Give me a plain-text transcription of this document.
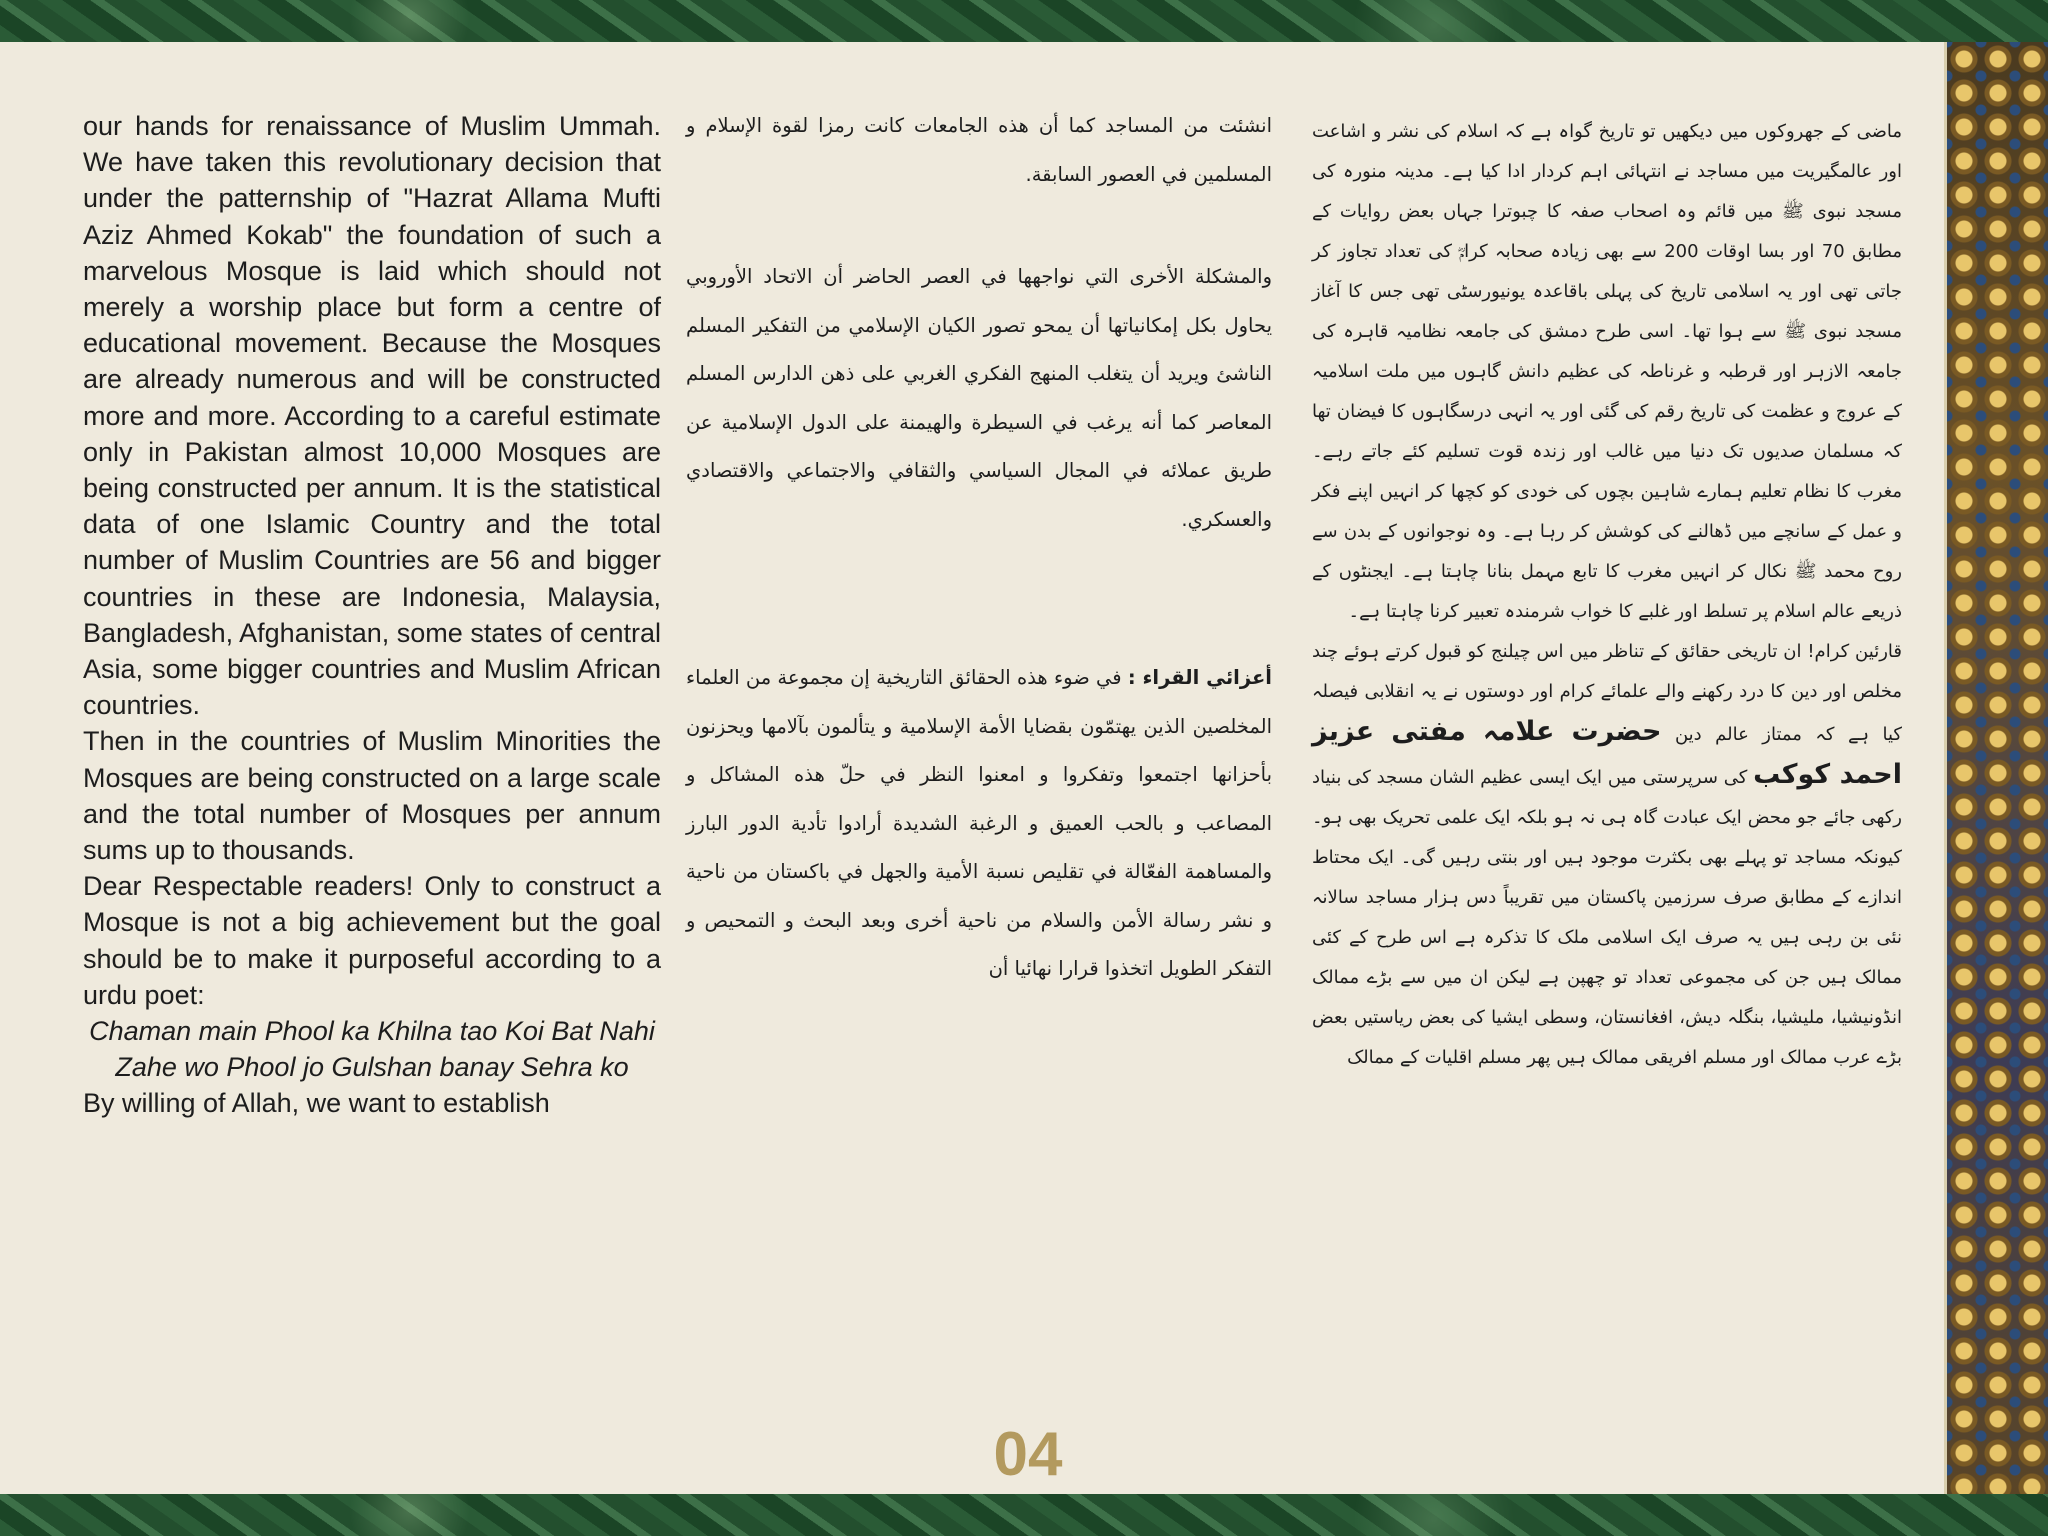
our hands for renaissance of Muslim Ummah. We have taken this revolutionary decision that under the patternship of "Hazrat Allama Mufti Aziz Ahmed Kokab" the foundation of such a marvelous Mosque is laid which should not merely a worship place but form a centre of educational movement. Because the Mosques are already numerous and will be constructed more and more. According to a careful estimate only in Pakistan almost 10,000 Mosques are being constructed per annum. It is the statistical data of one Islamic Country and the total number of Muslim Countries are 56 and bigger countries in these are Indonesia, Malaysia, Bangladesh, Afghanistan, some states of central Asia, some bigger countries and Muslim African countries.

Then in the countries of Muslim Minorities the Mosques are being constructed on a large scale and the total number of Mosques per annum sums up to thousands.

Dear Respectable readers! Only to construct a Mosque is not a big achievement but the goal should be to make it purposeful according to a urdu poet:

Chaman main Phool ka Khilna tao Koi Bat Nahi

Zahe wo Phool jo Gulshan banay Sehra ko

By willing of Allah, we want to establish

انشئت من المساجد كما أن هذه الجامعات كانت رمزا لقوة الإسلام و المسلمين في العصور السابقة.

والمشكلة الأخرى التي نواجهها في العصر الحاضر أن الاتحاد الأوروبي يحاول بكل إمكانياتها أن يمحو تصور الكيان الإسلامي من التفكير المسلم الناشئ ويريد أن يتغلب المنهج الفكري الغربي على ذهن الدارس المسلم المعاصر كما أنه يرغب في السيطرة والهيمنة على الدول الإسلامية عن طريق عملائه في المجال السياسي والثقافي والاجتماعي والاقتصادي والعسكري.

أعزائي القراء : في ضوء هذه الحقائق التاريخية إن مجموعة من العلماء المخلصين الذين يهتمّون بقضايا الأمة الإسلامية و يتألمون بآلامها ويحزنون بأحزانها اجتمعوا وتفكروا و امعنوا النظر في حلّ هذه المشاكل و المصاعب و بالحب العميق و الرغبة الشديدة أرادوا تأدية الدور البارز والمساهمة الفعّالة في تقليص نسبة الأمية والجهل في باكستان من ناحية و نشر رسالة الأمن والسلام من ناحية أخرى وبعد البحث و التمحيص و التفكر الطويل اتخذوا قرارا نهائيا أن

ماضی کے جھروکوں میں دیکھیں تو تاریخ گواہ ہے کہ اسلام کی نشر و اشاعت اور عالمگیریت میں مساجد نے انتہائی اہم کردار ادا کیا ہے۔ مدینہ منورہ کی مسجد نبوی ﷺ میں قائم وہ اصحاب صفہ کا چبوترا جہاں بعض روایات کے مطابق 70 اور بسا اوقات 200 سے بھی زیادہ صحابہ کرامؓ کی تعداد تجاوز کر جاتی تھی اور یہ اسلامی تاریخ کی پہلی باقاعدہ یونیورسٹی تھی جس کا آغاز مسجد نبوی ﷺ سے ہوا تھا۔ اسی طرح دمشق کی جامعہ نظامیہ قاہرہ کی جامعہ الازہر اور قرطبہ و غرناطہ کی عظیم دانش گاہوں میں ملت اسلامیہ کے عروج و عظمت کی تاریخ رقم کی گئی اور یہ انہی درسگاہوں کا فیضان تھا کہ مسلمان صدیوں تک دنیا میں غالب اور زندہ قوت تسلیم کئے جاتے رہے۔ مغرب کا نظام تعلیم ہمارے شاہین بچوں کی خودی کو کچھا کر انہیں اپنے فکر و عمل کے سانچے میں ڈھالنے کی کوشش کر رہا ہے۔ وہ نوجوانوں کے بدن سے روح محمد ﷺ نکال کر انہیں مغرب کا تابع مہمل بنانا چاہتا ہے۔ ایجنٹوں کے ذریعے عالم اسلام پر تسلط اور غلبے کا خواب شرمندہ تعبیر کرنا چاہتا ہے۔

قارئین کرام! ان تاریخی حقائق کے تناظر میں اس چیلنج کو قبول کرتے ہوئے چند مخلص اور دین کا درد رکھنے والے علمائے کرام اور دوستوں نے یہ انقلابی فیصلہ کیا ہے کہ ممتاز عالم دین حضرت علامہ مفتی عزیز احمد کوکب کی سرپرستی میں ایک ایسی عظیم الشان مسجد کی بنیاد رکھی جائے جو محض ایک عبادت گاہ ہی نہ ہو بلکہ ایک علمی تحریک بھی ہو۔ کیونکہ مساجد تو پہلے بھی بکثرت موجود ہیں اور بنتی رہیں گی۔ ایک محتاط اندازے کے مطابق صرف سرزمین پاکستان میں تقریباً دس ہزار مساجد سالانہ نئی بن رہی ہیں یہ صرف ایک اسلامی ملک کا تذکرہ ہے اس طرح کے کئی ممالک ہیں جن کی مجموعی تعداد تو چھپن ہے لیکن ان میں سے بڑے ممالک انڈونیشیا، ملیشیا، بنگلہ دیش، افغانستان، وسطی ایشیا کی بعض ریاستیں بعض بڑے عرب ممالک اور مسلم افریقی ممالک ہیں پھر مسلم اقلیات کے ممالک

04
